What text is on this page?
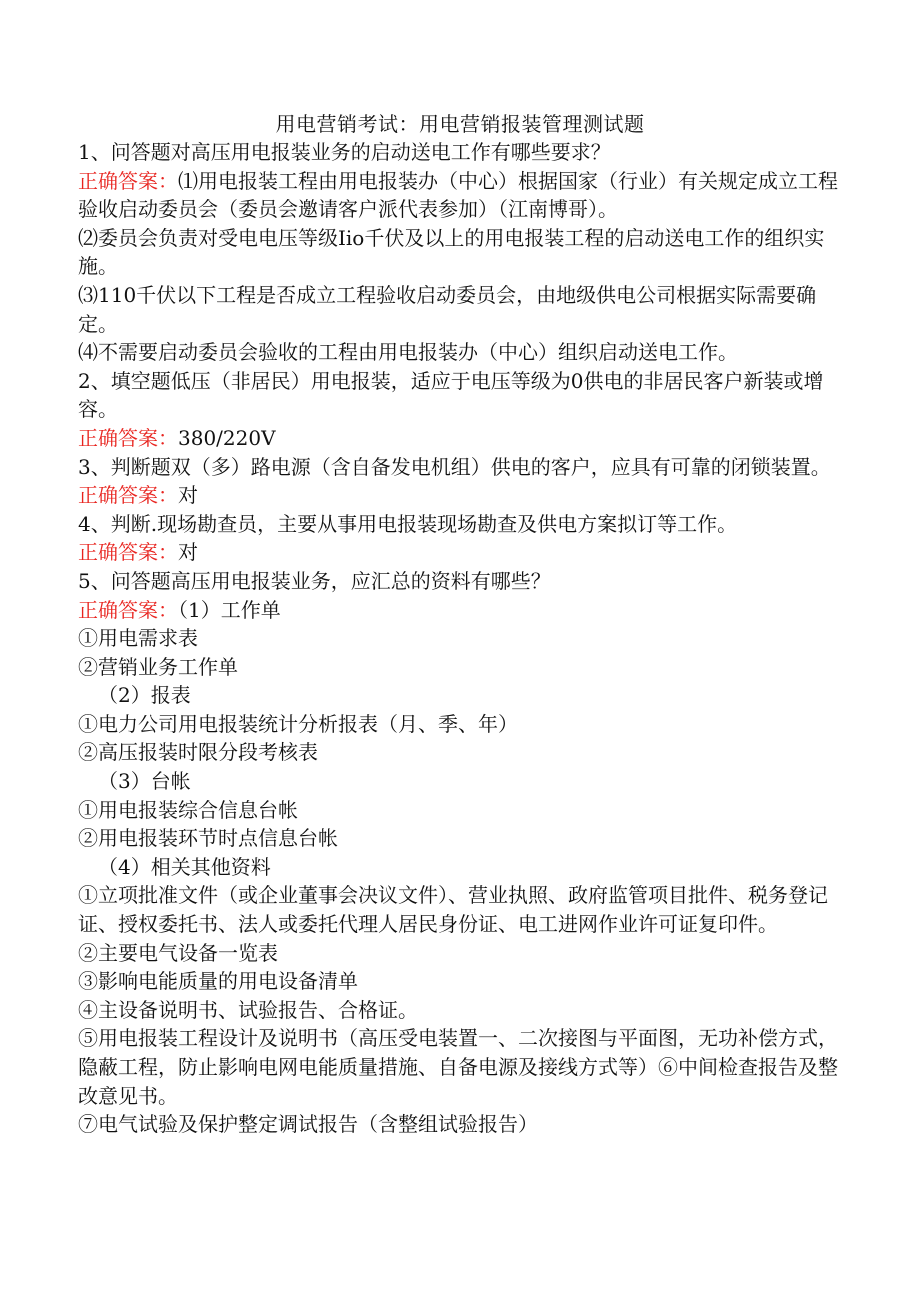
用电营销考试：用电营销报装管理测试题

1、问答题对高压用电报装业务的启动送电工作有哪些要求？

正确答案：⑴用电报装工程由用电报装办（中心）根据国家（行业）有关规定成立工程验收启动委员会（委员会邀请客户派代表参加）（江南博哥）。

⑵委员会负责对受电电压等级Iio千伏及以上的用电报装工程的启动送电工作的组织实施。

⑶110千伏以下工程是否成立工程验收启动委员会，由地级供电公司根据实际需要确定。

⑷不需要启动委员会验收的工程由用电报装办（中心）组织启动送电工作。

2、填空题低压（非居民）用电报装，适应于电压等级为0供电的非居民客户新装或增容。

正确答案：380/220V

3、判断题双（多）路电源（含自备发电机组）供电的客户，应具有可靠的闭锁装置。

正确答案：对

4、判断.现场勘查员，主要从事用电报装现场勘查及供电方案拟订等工作。

正确答案：对

5、问答题高压用电报装业务，应汇总的资料有哪些？

正确答案：（1）工作单

①用电需求表

②营销业务工作单

（2）报表

①电力公司用电报装统计分析报表（月、季、年）

②高压报装时限分段考核表

（3）台帐

①用电报装综合信息台帐

②用电报装环节时点信息台帐

（4）相关其他资料

①立项批准文件（或企业董事会决议文件）、营业执照、政府监管项目批件、税务登记证、授权委托书、法人或委托代理人居民身份证、电工进网作业许可证复印件。

②主要电气设备一览表

③影响电能质量的用电设备清单

④主设备说明书、试验报告、合格证。

⑤用电报装工程设计及说明书（高压受电装置一、二次接图与平面图，无功补偿方式，隐蔽工程，防止影响电网电能质量措施、自备电源及接线方式等）⑥中间检查报告及整改意见书。

⑦电气试验及保护整定调试报告（含整组试验报告）
